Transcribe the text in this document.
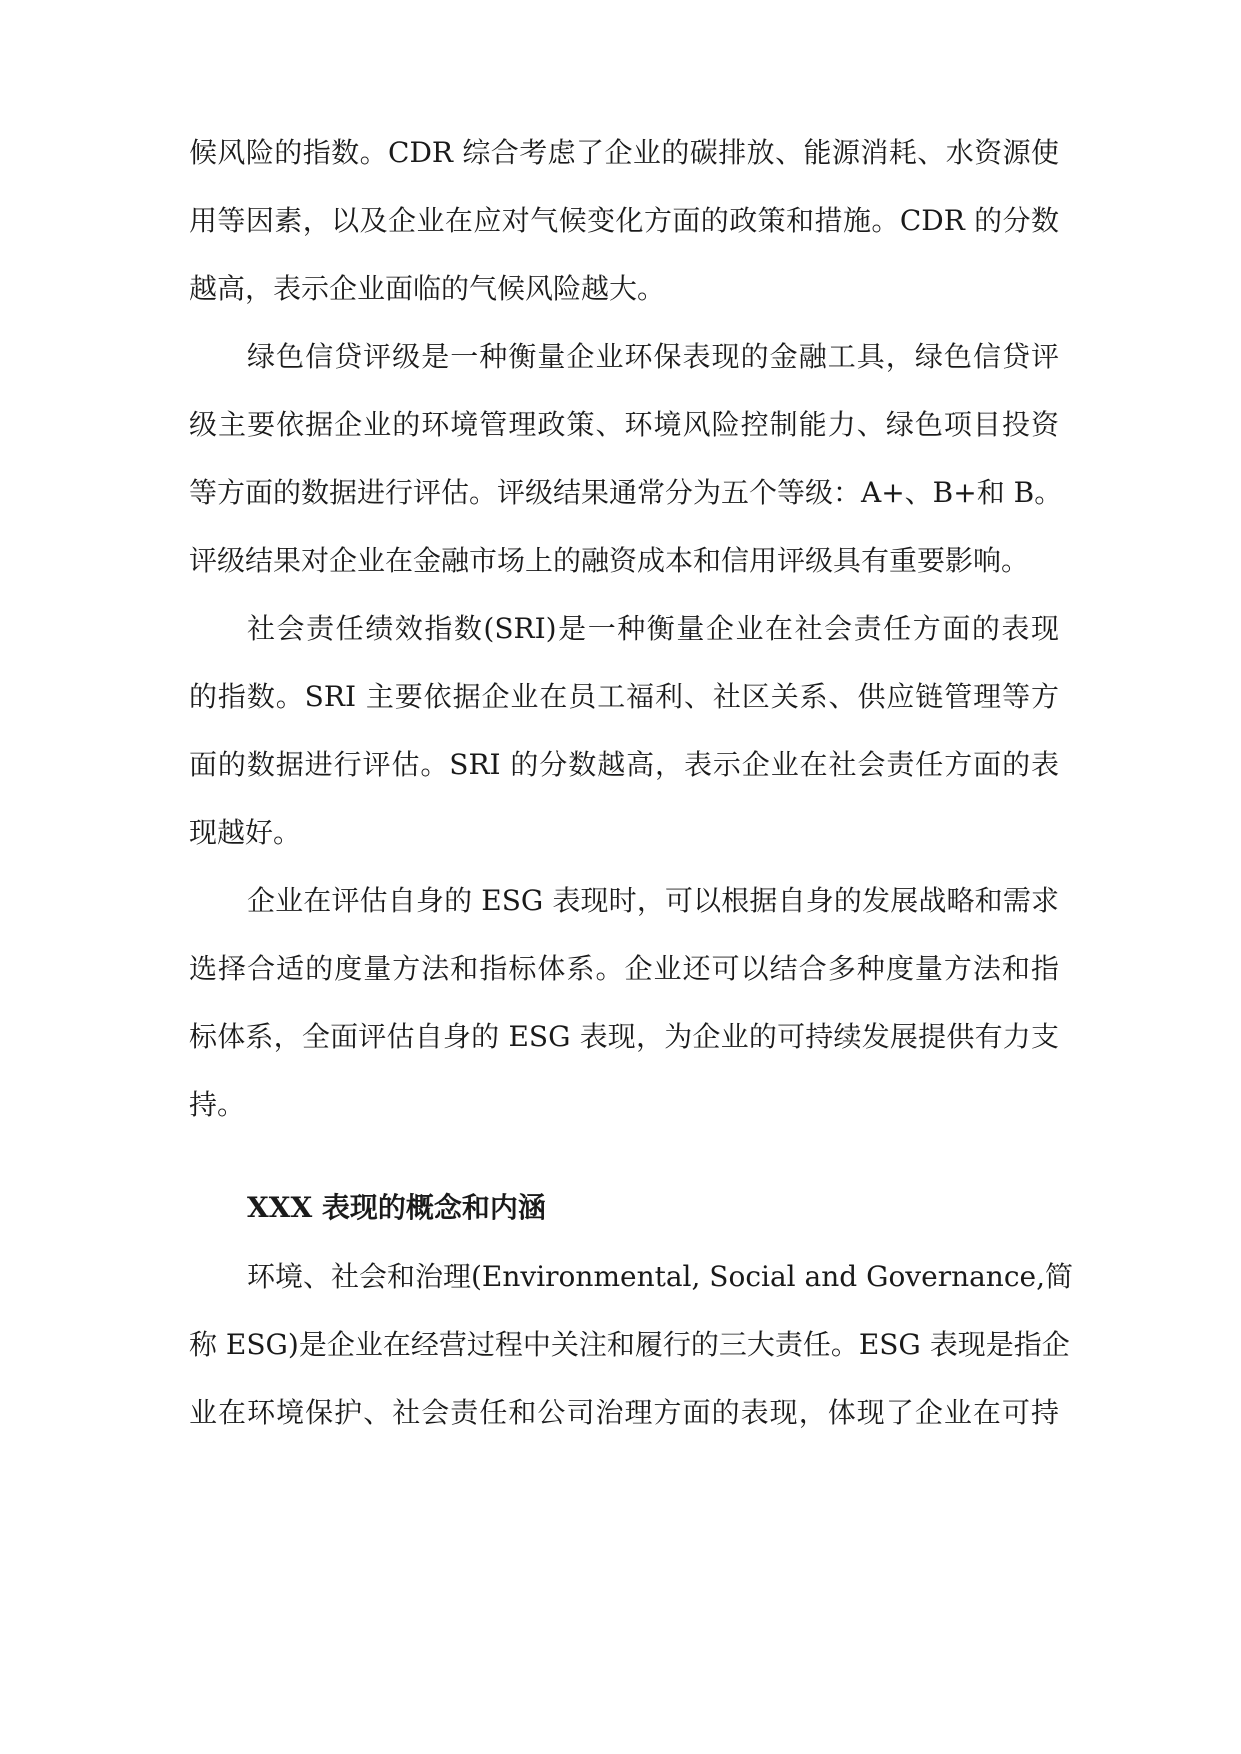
候风险的指数。CDR 综合考虑了企业的碳排放、能源消耗、水资源使
用等因素，以及企业在应对气候变化方面的政策和措施。CDR 的分数
越高，表示企业面临的气候风险越大。
绿色信贷评级是一种衡量企业环保表现的金融工具，绿色信贷评
级主要依据企业的环境管理政策、环境风险控制能力、绿色项目投资
等方面的数据进行评估。评级结果通常分为五个等级：A+、B+和 B。
评级结果对企业在金融市场上的融资成本和信用评级具有重要影响。
社会责任绩效指数(SRI)是一种衡量企业在社会责任方面的表现
的指数。SRI 主要依据企业在员工福利、社区关系、供应链管理等方
面的数据进行评估。SRI 的分数越高，表示企业在社会责任方面的表
现越好。
企业在评估自身的 ESG 表现时，可以根据自身的发展战略和需求
选择合适的度量方法和指标体系。企业还可以结合多种度量方法和指
标体系，全面评估自身的 ESG 表现，为企业的可持续发展提供有力支
持。
XXX 表现的概念和内涵
环境、社会和治理(Environmental, Social and Governance,简
称 ESG)是企业在经营过程中关注和履行的三大责任。ESG 表现是指企
业在环境保护、社会责任和公司治理方面的表现，体现了企业在可持
